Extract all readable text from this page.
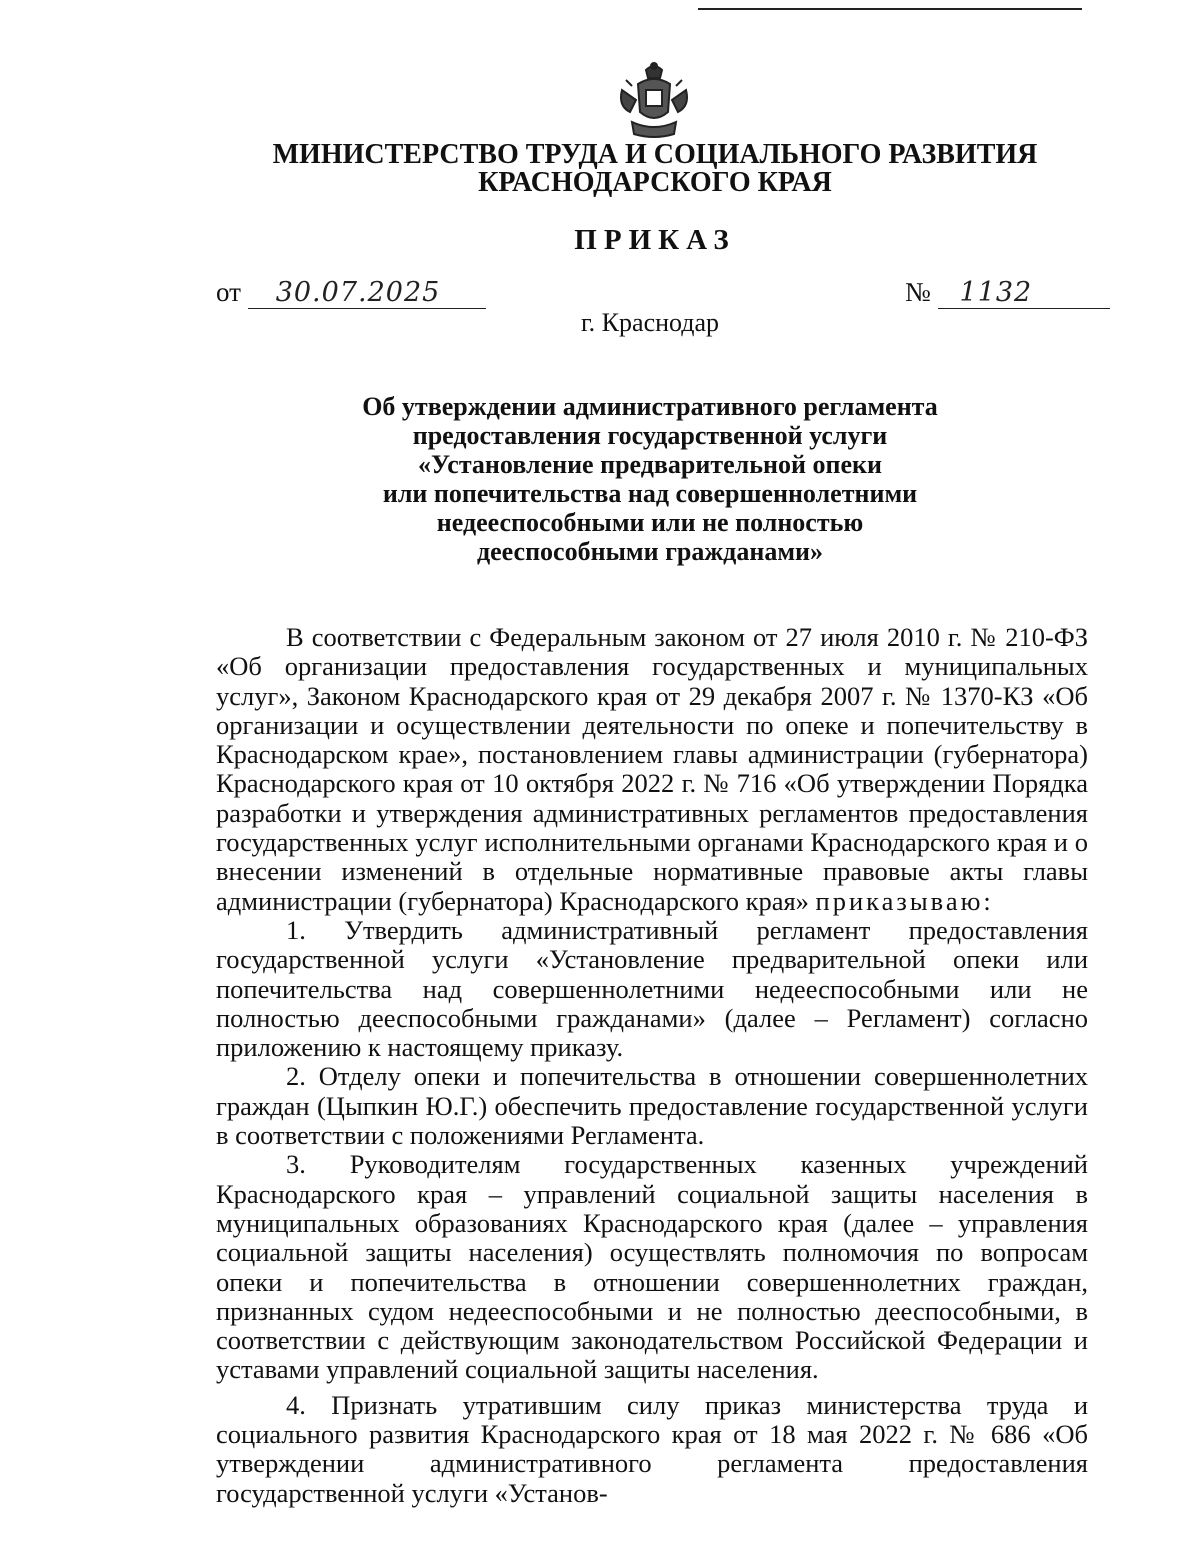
МИНИСТЕРСТВО ТРУДА И СОЦИАЛЬНОГО РАЗВИТИЯ
КРАСНОДАРСКОГО КРАЯ
ПРИКАЗ
от 30.07.2025	№ 1132
г. Краснодар
Об утверждении административного регламента
предоставления государственной услуги
«Установление предварительной опеки
или попечительства над совершеннолетними
недееспособными или не полностью
дееспособными гражданами»

В соответствии с Федеральным законом от 27 июля 2010 г. № 210-ФЗ «Об организации предоставления государственных и муниципальных услуг», Законом Краснодарского края от 29 декабря 2007 г. № 1370-КЗ «Об организации и осуществлении деятельности по опеке и попечительству в Краснодарском крае», постановлением главы администрации (губернатора) Краснодарского края от 10 октября 2022 г. № 716 «Об утверждении Порядка разработки и утверждения административных регламентов предоставления государственных услуг исполнительными органами Краснодарского края и о внесении изменений в отдельные нормативные правовые акты главы администрации (губернатора) Краснодарского края» приказываю:

1. Утвердить административный регламент предоставления государственной услуги «Установление предварительной опеки или попечительства над совершеннолетними недееспособными или не полностью дееспособными гражданами» (далее – Регламент) согласно приложению к настоящему приказу.

2. Отделу опеки и попечительства в отношении совершеннолетних граждан (Цыпкин Ю.Г.) обеспечить предоставление государственной услуги в соответствии с положениями Регламента.

3. Руководителям государственных казенных учреждений Краснодарского края – управлений социальной защиты населения в муниципальных образованиях Краснодарского края (далее – управления социальной защиты населения) осуществлять полномочия по вопросам опеки и попечительства в отношении совершеннолетних граждан, признанных судом недееспособными и не полностью дееспособными, в соответствии с действующим законодательством Российской Федерации и уставами управлений социальной защиты населения.

4. Признать утратившим силу приказ министерства труда и социального развития Краснодарского края от 18 мая 2022 г. № 686 «Об утверждении административного регламента предоставления государственной услуги «Установ-
